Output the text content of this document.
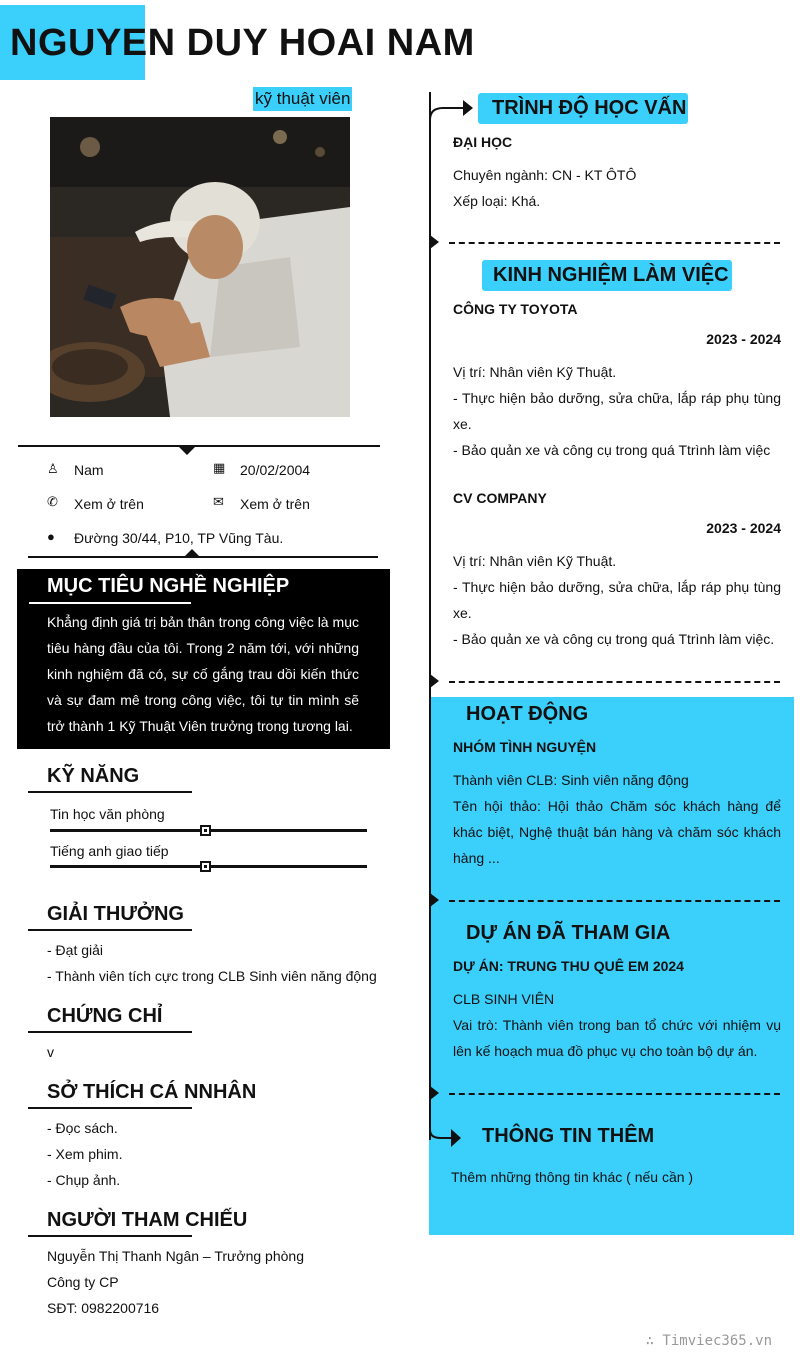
NGUYEN DUY HOAI NAM
kỹ thuật viên
♙ Nam	▦ 20/02/2004
✆ Xem ở trên	✉ Xem ở trên
● Đường 30/44, P10, TP Vũng Tàu.
MỤC TIÊU NGHỀ NGHIỆP
Khẳng định giá trị bản thân trong công việc là mục tiêu hàng đầu của tôi. Trong 2 năm tới, với những kinh nghiệm đã có, sự cố gắng trau dồi kiến thức và sự đam mê trong công việc, tôi tự tin mình sẽ trở thành 1 Kỹ Thuật Viên trưởng trong tương lai.
KỸ NĂNG
Tin học văn phòng
Tiếng anh giao tiếp
GIẢI THƯỞNG
- Đạt giải
- Thành viên tích cực trong CLB Sinh viên năng động
CHỨNG CHỈ
v
SỞ THÍCH CÁ NNHÂN
- Đọc sách.
- Xem phim.
- Chụp ảnh.
NGƯỜI THAM CHIẾU
Nguyễn Thị Thanh Ngân – Trưởng phòng
Công ty CP
SĐT: 0982200716
TRÌNH ĐỘ HỌC VẤN
ĐẠI HỌC
Chuyên ngành: CN - KT ÔTÔ
Xếp loại: Khá.
KINH NGHIỆM LÀM VIỆC
CÔNG TY TOYOTA
2023 - 2024
Vị trí: Nhân viên Kỹ Thuật.
- Thực hiện bảo dưỡng, sửa chữa, lắp ráp phụ tùng xe.
- Bảo quản xe và công cụ trong quá Ttrình làm việc
CV COMPANY
2023 - 2024
Vị trí: Nhân viên Kỹ Thuật.
- Thực hiện bảo dưỡng, sửa chữa, lắp ráp phụ tùng xe.
- Bảo quản xe và công cụ trong quá Ttrình làm việc.
HOẠT ĐỘNG
NHÓM TÌNH NGUYỆN
Thành viên CLB: Sinh viên năng động
Tên hội thảo: Hội thảo Chăm sóc khách hàng để khác biệt, Nghệ thuật bán hàng và chăm sóc khách hàng ...
DỰ ÁN ĐÃ THAM GIA
DỰ ÁN: TRUNG THU QUÊ EM 2024
CLB SINH VIÊN
Vai trò: Thành viên trong ban tổ chức với nhiệm vụ lên kế hoạch mua đồ phục vụ cho toàn bộ dự án.
THÔNG TIN THÊM
Thêm những thông tin khác ( nếu cần )
∴ Timviec365.vn
